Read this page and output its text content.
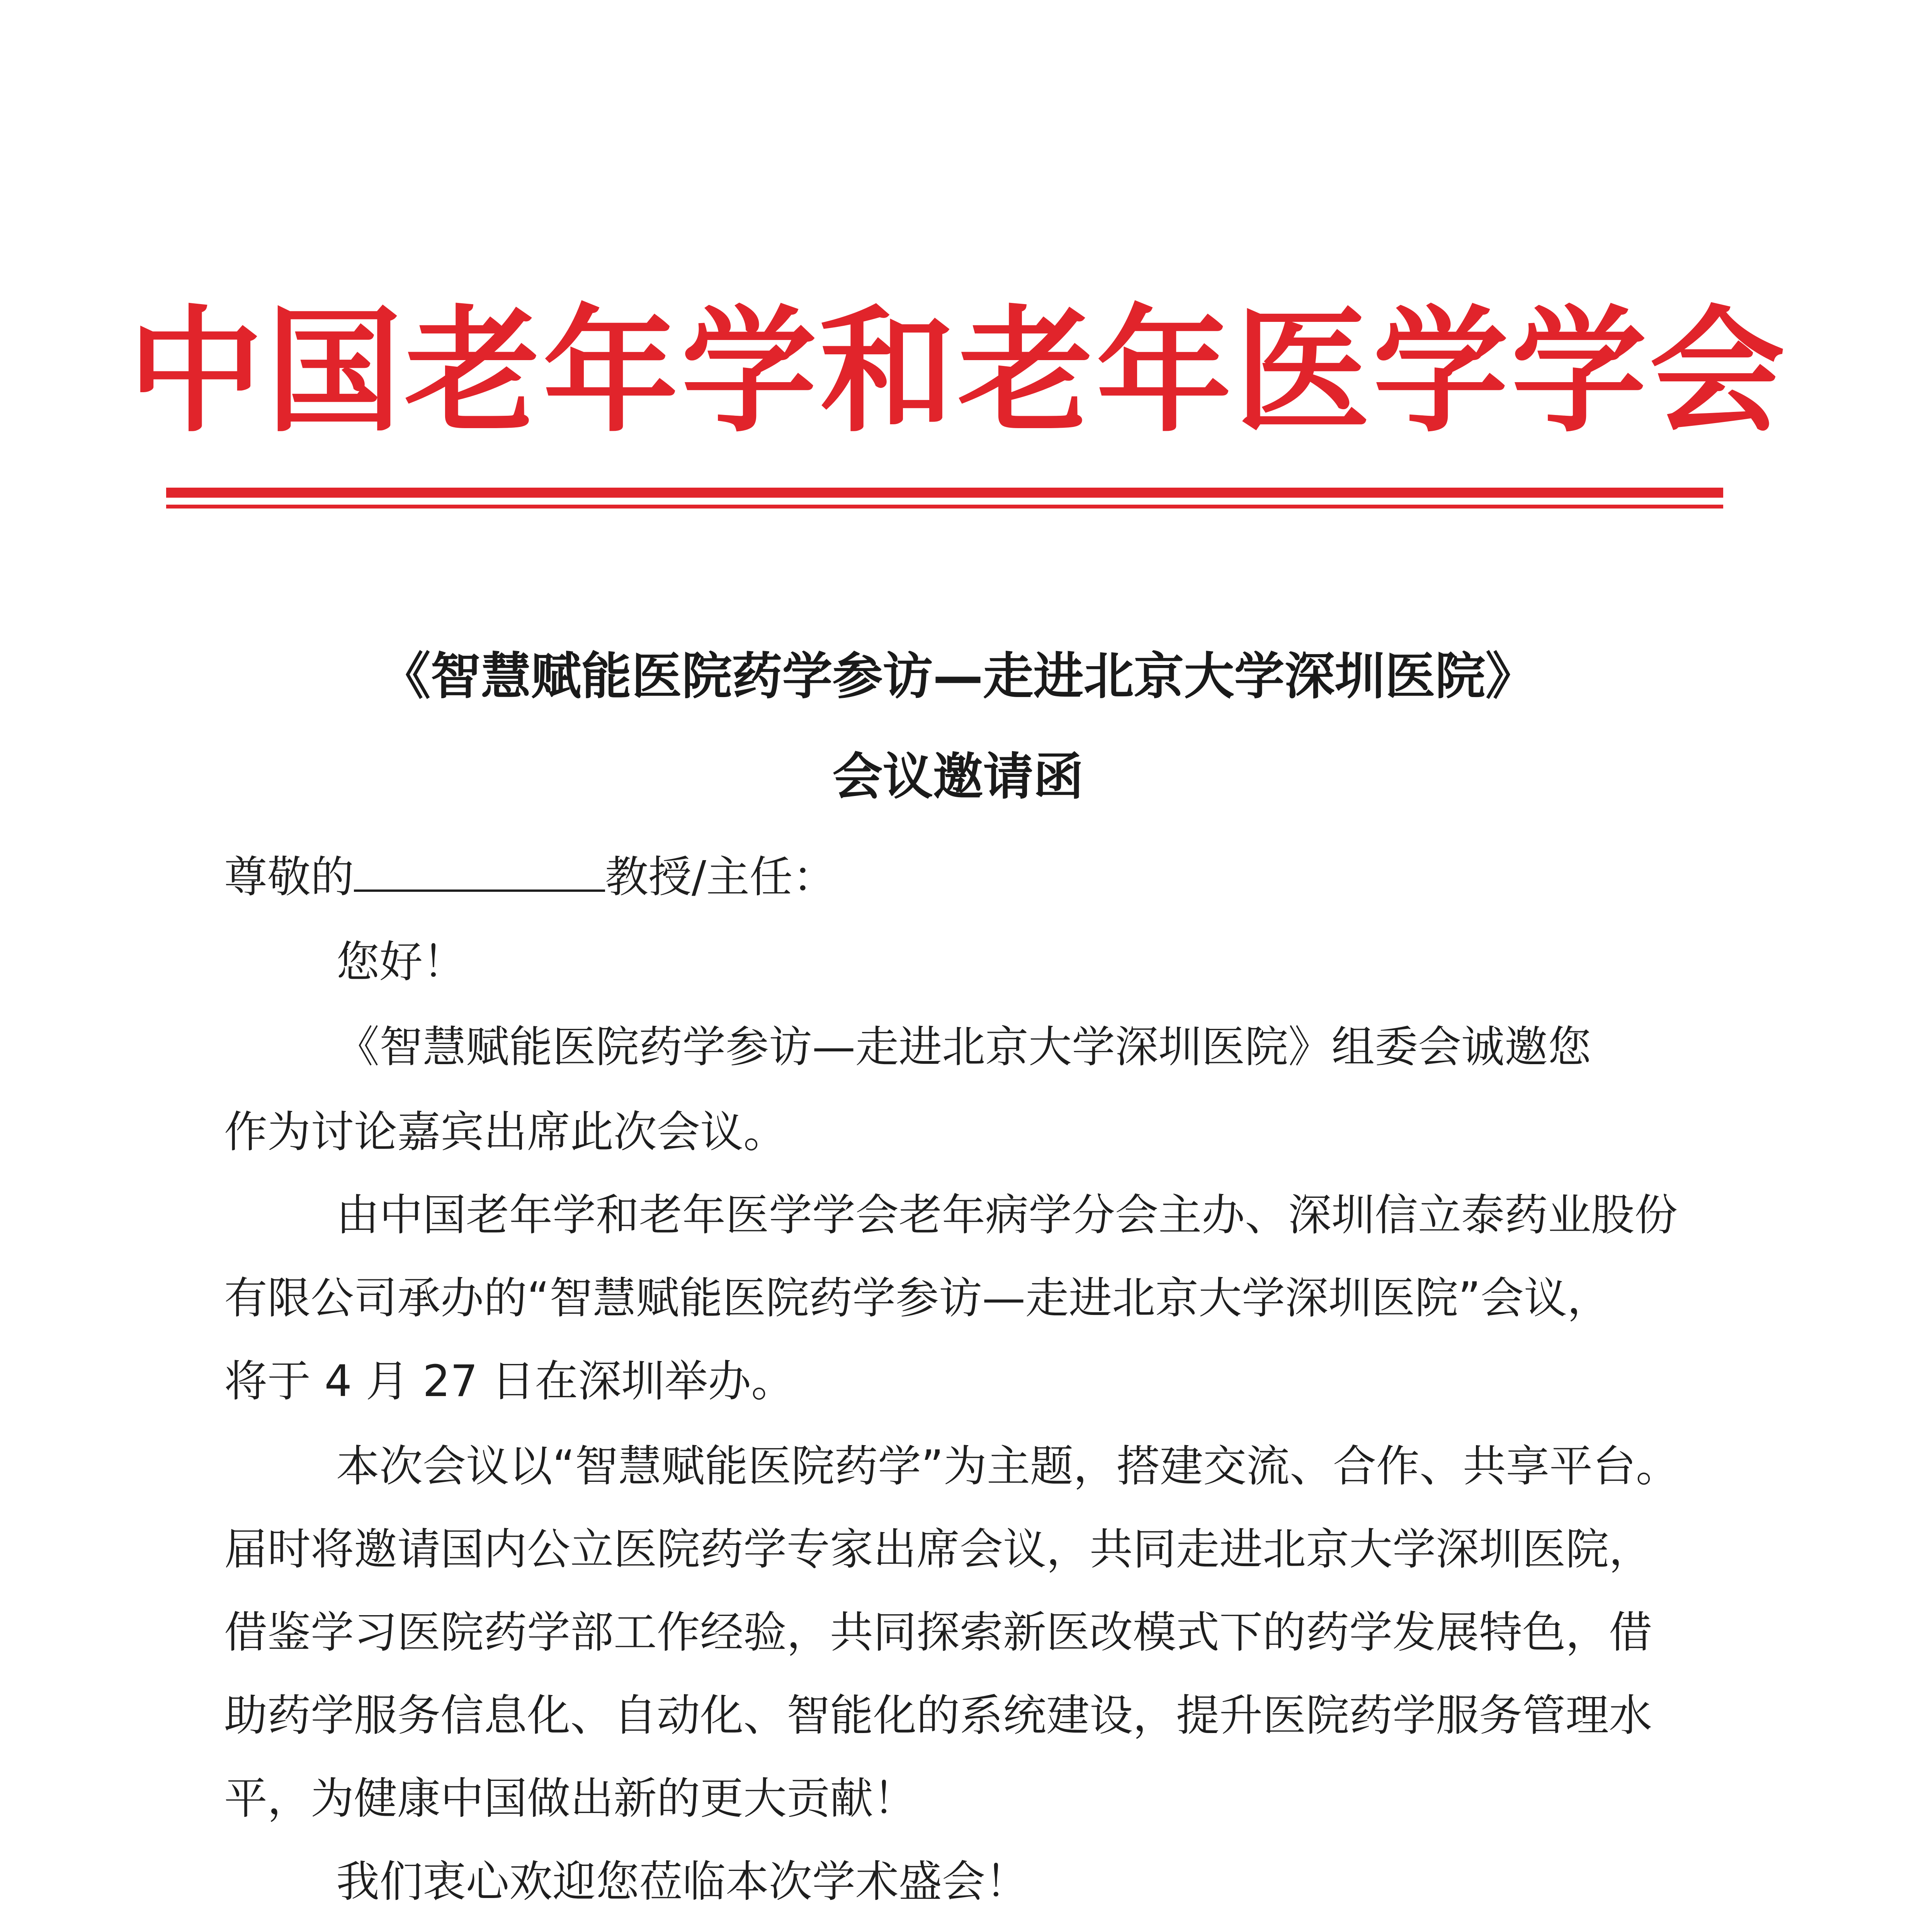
中国老年学和老年医学学会
《智慧赋能医院药学参访—走进北京大学深圳医院》
会议邀请函
尊敬的	教授/主任：
您好！
《智慧赋能医院药学参访—走进北京大学深圳医院》组委会诚邀您
作为讨论嘉宾出席此次会议。
由中国老年学和老年医学学会老年病学分会主办、深圳信立泰药业股份
有限公司承办的“智慧赋能医院药学参访—走进北京大学深圳医院”会议，
将于 4 月 27 日在深圳举办。
本次会议以“智慧赋能医院药学”为主题，搭建交流、合作、共享平台。
届时将邀请国内公立医院药学专家出席会议，共同走进北京大学深圳医院，
借鉴学习医院药学部工作经验，共同探索新医改模式下的药学发展特色，借
助药学服务信息化、自动化、智能化的系统建设，提升医院药学服务管理水
平，为健康中国做出新的更大贡献！
我们衷心欢迎您莅临本次学术盛会！
